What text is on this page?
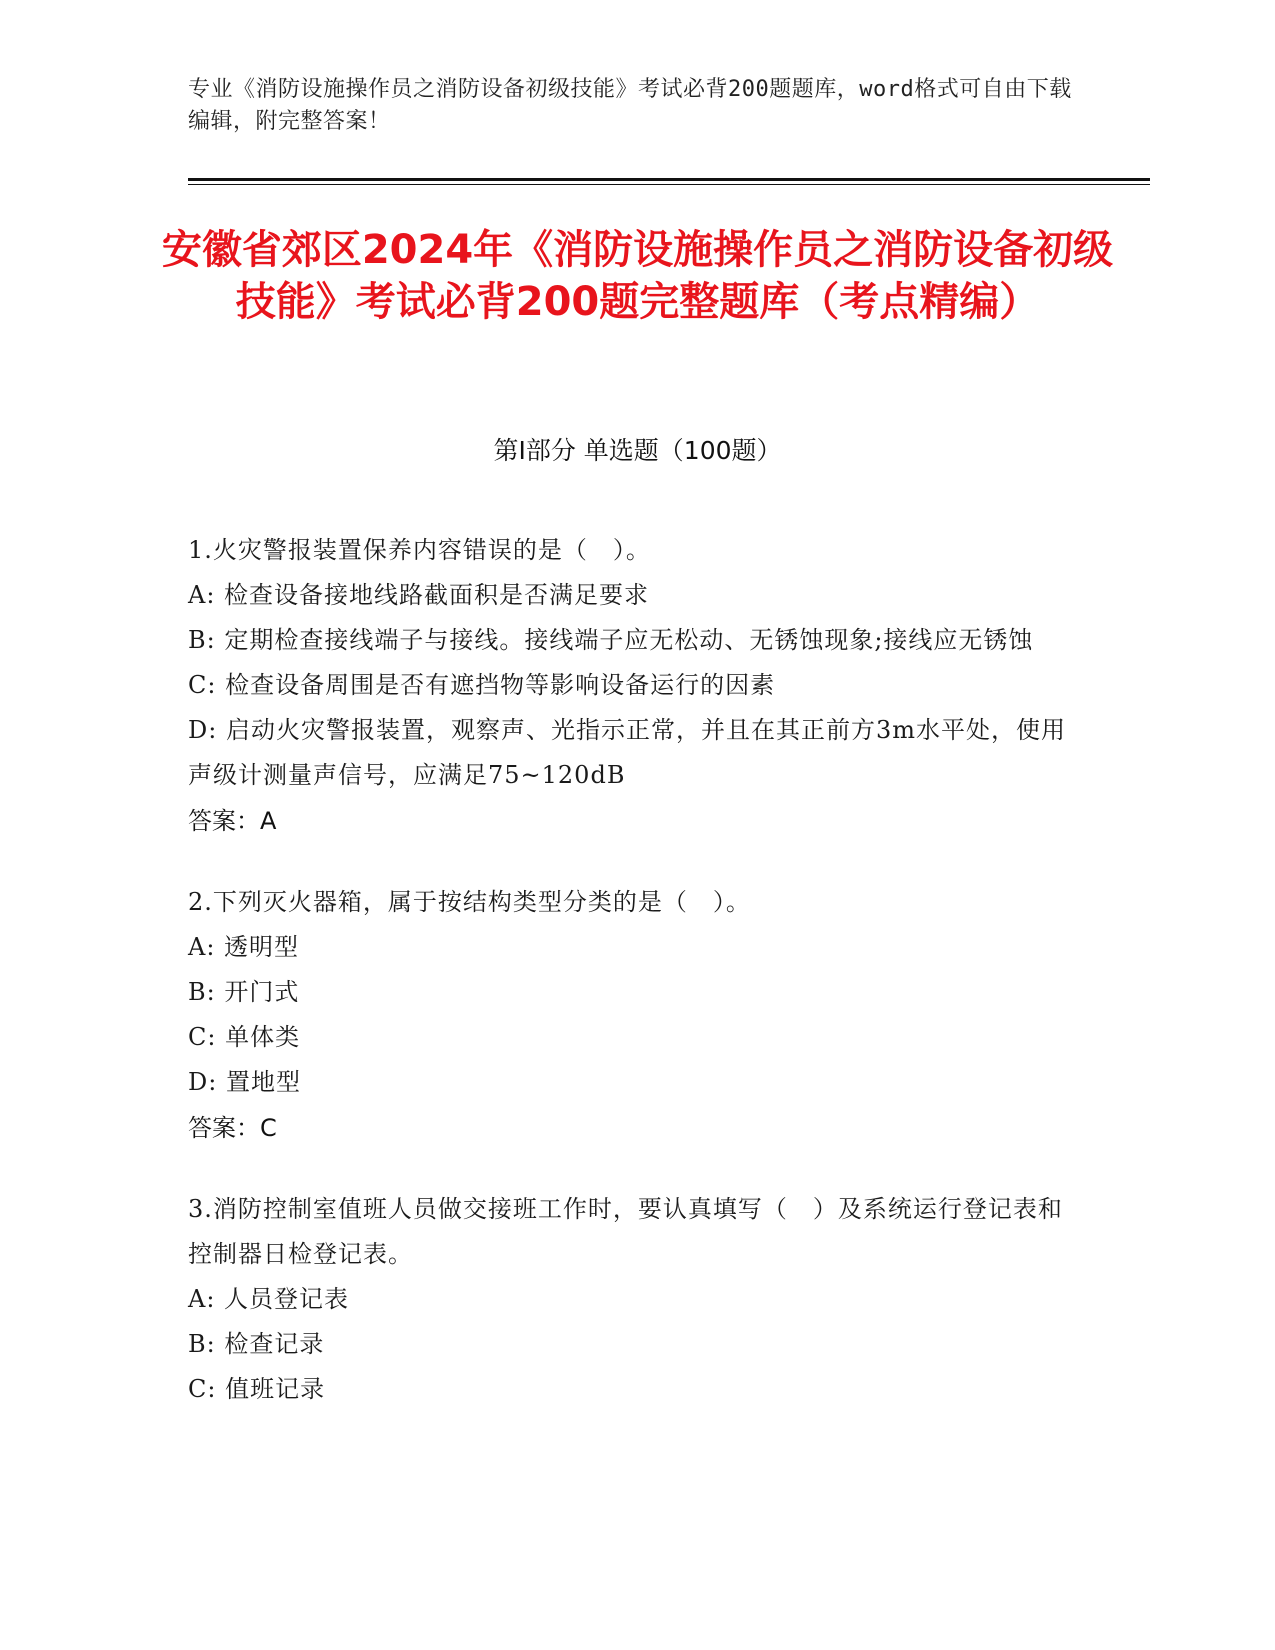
专业《消防设施操作员之消防设备初级技能》考试必背200题题库，word格式可自由下载编辑，附完整答案！
安徽省郊区2024年《消防设施操作员之消防设备初级技能》考试必背200题完整题库（考点精编）
第I部分 单选题（100题）
1.火灾警报装置保养内容错误的是（　）。
A: 检查设备接地线路截面积是否满足要求
B: 定期检查接线端子与接线。接线端子应无松动、无锈蚀现象;接线应无锈蚀
C: 检查设备周围是否有遮挡物等影响设备运行的因素
D: 启动火灾警报装置，观察声、光指示正常，并且在其正前方3m水平处，使用声级计测量声信号，应满足75~120dB
答案：A
2.下列灭火器箱，属于按结构类型分类的是（　）。
A: 透明型
B: 开门式
C: 单体类
D: 置地型
答案：C
3.消防控制室值班人员做交接班工作时，要认真填写（　）及系统运行登记表和控制器日检登记表。
A: 人员登记表
B: 检查记录
C: 值班记录
